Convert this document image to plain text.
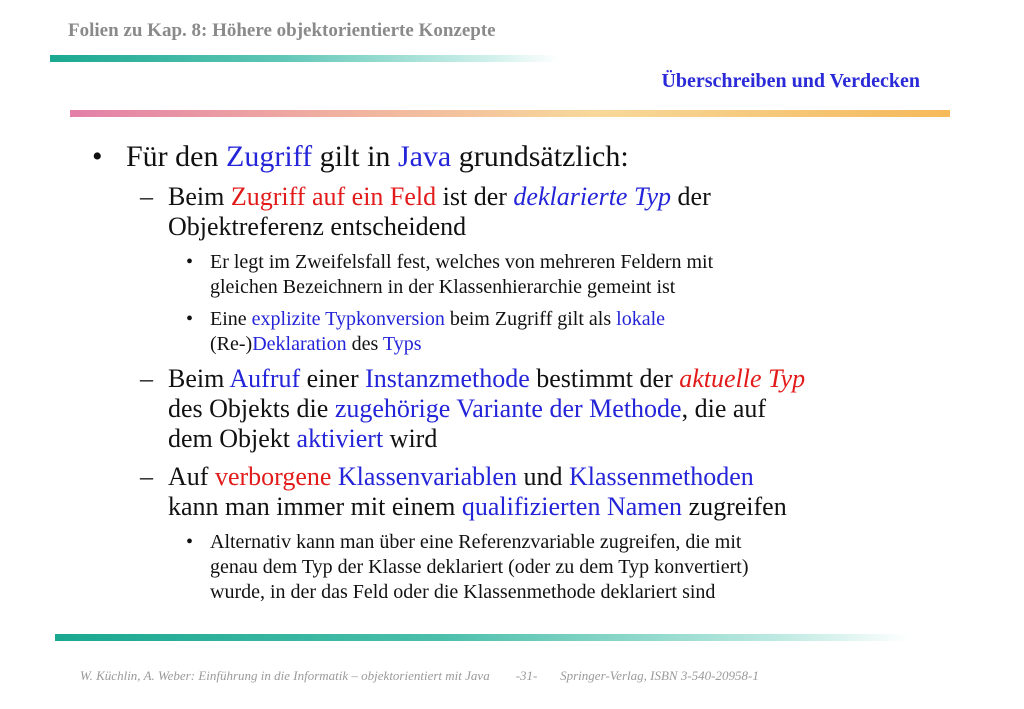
Folien zu Kap. 8: Höhere objektorientierte Konzepte
Überschreiben und Verdecken
• Für den Zugriff gilt in Java grundsätzlich:
– Beim Zugriff auf ein Feld ist der deklarierte Typ der
Objektreferenz entscheidend
• Er legt im Zweifelsfall fest, welches von mehreren Feldern mit
gleichen Bezeichnern in der Klassenhierarchie gemeint ist
• Eine explizite Typkonversion beim Zugriff gilt als lokale
(Re-)Deklaration des Typs
– Beim Aufruf einer Instanzmethode bestimmt der aktuelle Typ
des Objekts die zugehörige Variante der Methode, die auf
dem Objekt aktiviert wird
– Auf verborgene Klassenvariablen und Klassenmethoden
kann man immer mit einem qualifizierten Namen zugreifen
• Alternativ kann man über eine Referenzvariable zugreifen, die mit
genau dem Typ der Klasse deklariert (oder zu dem Typ konvertiert)
wurde, in der das Feld oder die Klassenmethode deklariert sind
W. Küchlin, A. Weber: Einführung in die Informatik – objektorientiert mit Java -31- Springer-Verlag, ISBN 3-540-20958-1
